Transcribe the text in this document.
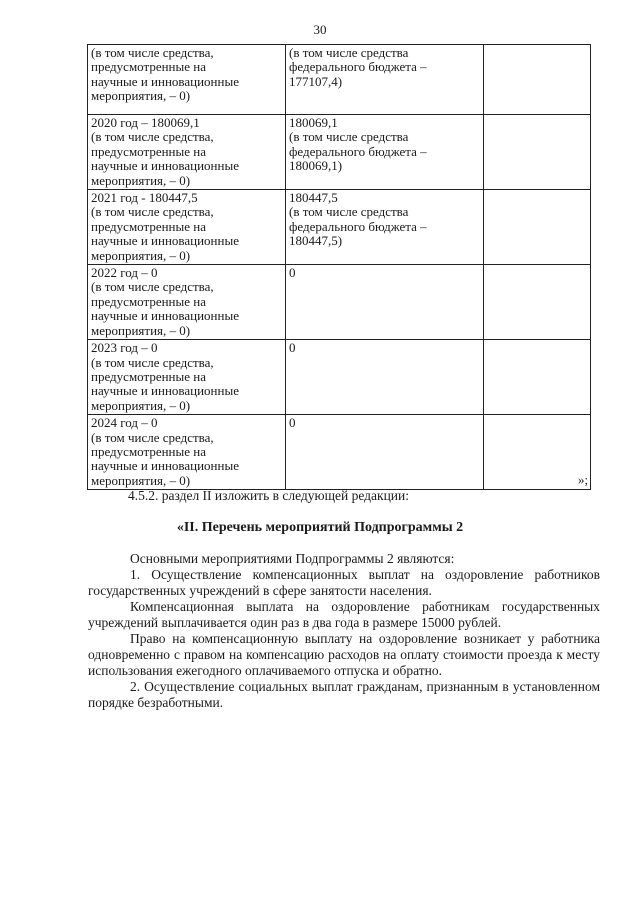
30
(в том числе средства,
предусмотренные на
научные и инновационные
мероприятия, – 0)	(в том числе средства
федерального бюджета –
177107,4)	

2020 год – 180069,1
(в том числе средства,
предусмотренные на
научные и инновационные
мероприятия, – 0)	180069,1
(в том числе средства
федерального бюджета –
180069,1)	

2021 год - 180447,5
(в том числе средства,
предусмотренные на
научные и инновационные
мероприятия, – 0)	180447,5
(в том числе средства
федерального бюджета –
180447,5)	

2022 год – 0
(в том числе средства,
предусмотренные на
научные и инновационные
мероприятия, – 0)	0	

2023 год – 0
(в том числе средства,
предусмотренные на
научные и инновационные
мероприятия, – 0)	0	

2024 год – 0
(в том числе средства,
предусмотренные на
научные и инновационные
мероприятия, – 0)	0	

»;
4.5.2. раздел II изложить в следующей редакции:
«II. Перечень мероприятий Подпрограммы 2
Основными мероприятиями Подпрограммы 2 являются:
1. Осуществление компенсационных выплат на оздоровление работников государственных учреждений в сфере занятости населения.
Компенсационная выплата на оздоровление работникам государственных учреждений выплачивается один раз в два года в размере 15000 рублей.
Право на компенсационную выплату на оздоровление возникает у работника одновременно с правом на компенсацию расходов на оплату стоимости проезда к месту использования ежегодного оплачиваемого отпуска и обратно.
2. Осуществление социальных выплат гражданам, признанным в установленном порядке безработными.
